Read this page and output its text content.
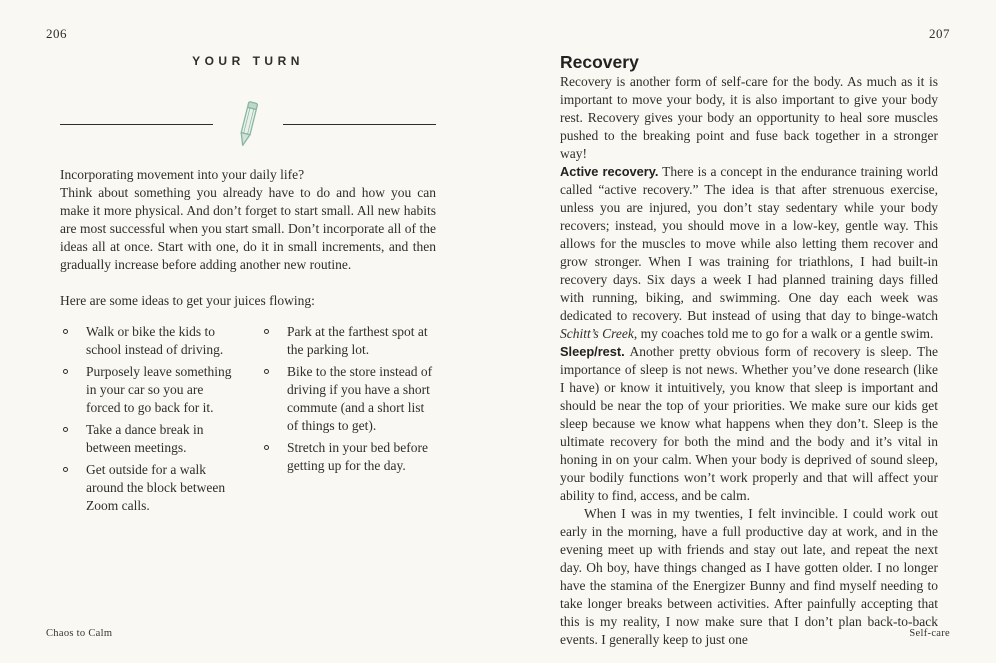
206
YOUR TURN

Incorporating movement into your daily life?

Think about something you already have to do and how you can make it more physical. And don’t forget to start small. All new habits are most successful when you start small. Don’t incorporate all of the ideas all at once. Start with one, do it in small increments, and then gradually increase before adding another new routine.

Here are some ideas to get your juices flowing:

Walk or bike the kids to school instead of driving.
Purposely leave something in your car so you are forced to go back for it.
Take a dance break in between meetings.
Get outside for a walk around the block between Zoom calls.
Park at the farthest spot at the parking lot.
Bike to the store instead of driving if you have a short commute (and a short list of things to get).
Stretch in your bed before getting up for the day.
Chaos to Calm
207
Recovery

Recovery is another form of self-care for the body. As much as it is important to move your body, it is also important to give your body rest. Recovery gives your body an opportunity to heal sore muscles pushed to the breaking point and fuse back together in a stronger way!

Active recovery. There is a concept in the endurance training world called “active recovery.” The idea is that after strenuous exercise, unless you are injured, you don’t stay sedentary while your body recovers; instead, you should move in a low-key, gentle way. This allows for the muscles to move while also letting them recover and grow stronger. When I was training for triathlons, I had built-in recovery days. Six days a week I had planned training days filled with running, biking, and swimming. One day each week was dedicated to recovery. But instead of using that day to binge-watch Schitt’s Creek, my coaches told me to go for a walk or a gentle swim.

Sleep/rest. Another pretty obvious form of recovery is sleep. The importance of sleep is not news. Whether you’ve done research (like I have) or know it intuitively, you know that sleep is important and should be near the top of your priorities. We make sure our kids get sleep because we know what happens when they don’t. Sleep is the ultimate recovery for both the mind and the body and it’s vital in honing in on your calm. When your body is deprived of sound sleep, your bodily functions won’t work properly and that will affect your ability to find, access, and be calm.

When I was in my twenties, I felt invincible. I could work out early in the morning, have a full productive day at work, and in the evening meet up with friends and stay out late, and repeat the next day. Oh boy, have things changed as I have gotten older. I no longer have the stamina of the Energizer Bunny and find myself needing to take longer breaks between activities. After painfully accepting that this is my reality, I now make sure that I don’t plan back-to-back events. I generally keep to just one	Self-care
